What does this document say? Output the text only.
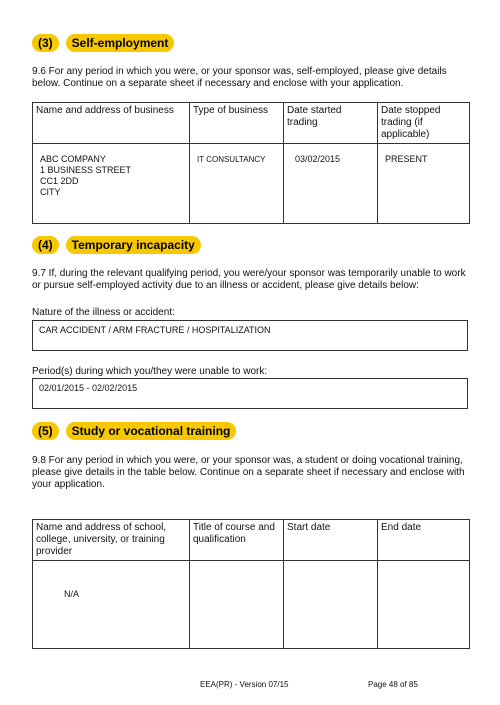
(3)	Self-employment
9.6 For any period in which you were, or your sponsor was, self-employed, please give details below. Continue on a separate sheet if necessary and enclose with your application.
Name and address of business	Type of business	Date started trading	Date stopped trading (if applicable)

ABC COMPANY
1 BUSINESS STREET
CC1 2DD
CITY	IT CONSULTANCY	03/02/2015	PRESENT
(4)	Temporary incapacity
9.7 If, during the relevant qualifying period, you were/your sponsor was temporarily unable to work or pursue self-employed activity due to an illness or accident, please give details below:
Nature of the illness or accident:
CAR ACCIDENT / ARM FRACTURE / HOSPITALIZATION
Period(s) during which you/they were unable to work:
02/01/2015 - 02/02/2015
(5)	Study or vocational training
9.8 For any period in which you were, or your sponsor was, a student or doing vocational training, please give details in the table below. Continue on a separate sheet if necessary and enclose with your application.
Name and address of school, college, university, or training provider	Title of course and qualification	Start date	End date

N/A			

EEA(PR) - Version 07/15	Page 48 of 85
